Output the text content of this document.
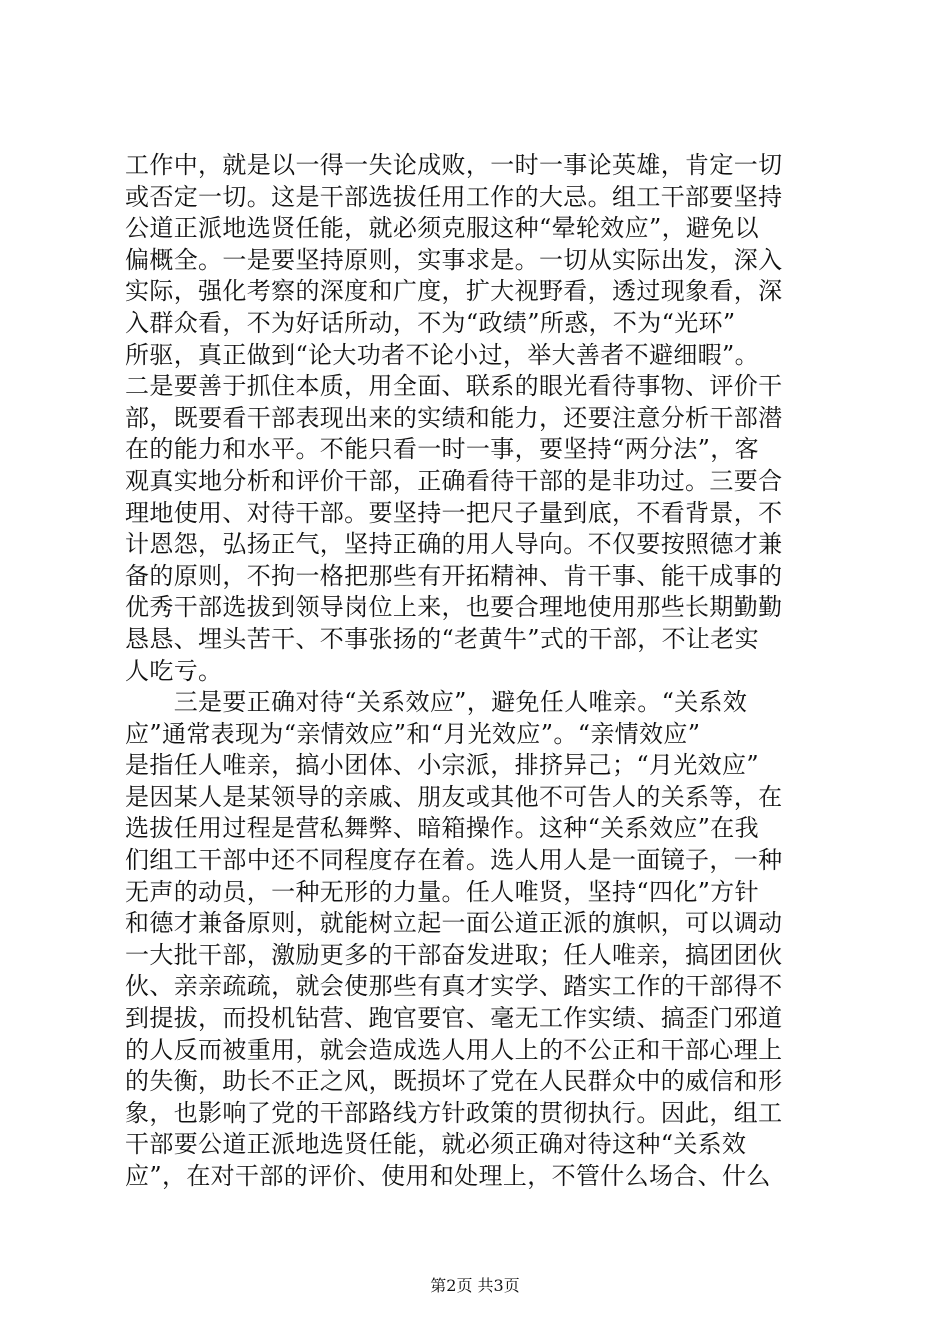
工作中，就是以一得一失论成败，一时一事论英雄，肯定一切
或否定一切。这是干部选拔任用工作的大忌。组工干部要坚持
公道正派地选贤任能，就必须克服这种“晕轮效应”，避免以
偏概全。一是要坚持原则，实事求是。一切从实际出发，深入
实际，强化考察的深度和广度，扩大视野看，透过现象看，深
入群众看，不为好话所动，不为“政绩”所惑，不为“光环”
所驱，真正做到“论大功者不论小过，举大善者不避细暇”。
二是要善于抓住本质，用全面、联系的眼光看待事物、评价干
部，既要看干部表现出来的实绩和能力，还要注意分析干部潜
在的能力和水平。不能只看一时一事，要坚持“两分法”，客
观真实地分析和评价干部，正确看待干部的是非功过。三要合
理地使用、对待干部。要坚持一把尺子量到底，不看背景，不
计恩怨，弘扬正气，坚持正确的用人导向。不仅要按照德才兼
备的原则，不拘一格把那些有开拓精神、肯干事、能干成事的
优秀干部选拔到领导岗位上来，也要合理地使用那些长期勤勤
恳恳、埋头苦干、不事张扬的“老黄牛”式的干部，不让老实
人吃亏。
　　三是要正确对待“关系效应”，避免任人唯亲。“关系效
应”通常表现为“亲情效应”和“月光效应”。“亲情效应”
是指任人唯亲，搞小团体、小宗派，排挤异己；“月光效应”
是因某人是某领导的亲戚、朋友或其他不可告人的关系等，在
选拔任用过程是营私舞弊、暗箱操作。这种“关系效应”在我
们组工干部中还不同程度存在着。选人用人是一面镜子，一种
无声的动员，一种无形的力量。任人唯贤，坚持“四化”方针
和德才兼备原则，就能树立起一面公道正派的旗帜，可以调动
一大批干部，激励更多的干部奋发进取；任人唯亲，搞团团伙
伙、亲亲疏疏，就会使那些有真才实学、踏实工作的干部得不
到提拔，而投机钻营、跑官要官、毫无工作实绩、搞歪门邪道
的人反而被重用，就会造成选人用人上的不公正和干部心理上
的失衡，助长不正之风，既损坏了党在人民群众中的威信和形
象，也影响了党的干部路线方针政策的贯彻执行。因此，组工
干部要公道正派地选贤任能，就必须正确对待这种“关系效
应”，在对干部的评价、使用和处理上，不管什么场合、什么
第2页 共3页
